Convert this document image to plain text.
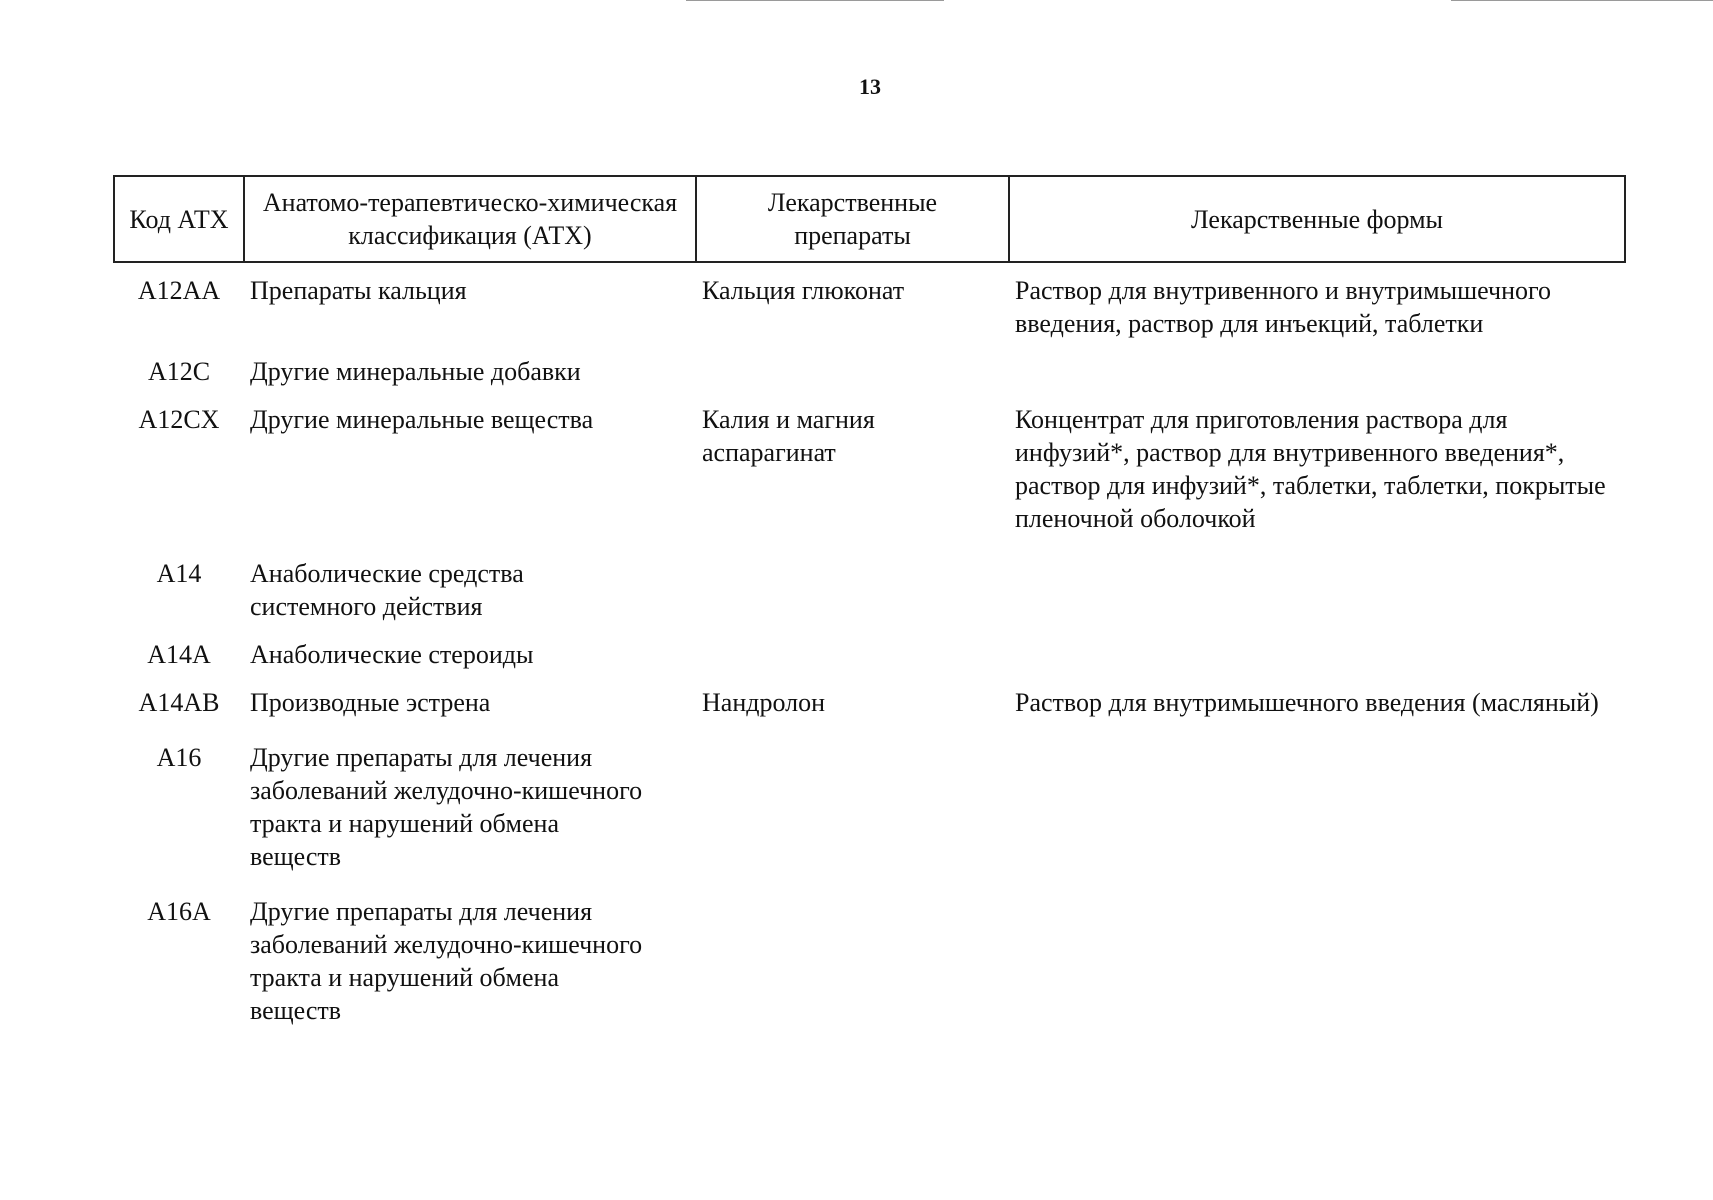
13
Код АТХ	Анатомо-терапевтическо-химическая классификация (АТХ)	Лекарственные препараты	Лекарственные формы
A12AA	Препараты кальция	Кальция глюконат	Раствор для внутривенного и внутримышечного введения, раствор для инъекций, таблетки
A12C	Другие минеральные добавки		
A12CX	Другие минеральные вещества	Калия и магния аспарагинат	Концентрат для приготовления раствора для инфузий*, раствор для внутривенного введения*, раствор для инфузий*, таблетки, таблетки, покрытые пленочной оболочкой
A14	Анаболические средства системного действия		
A14A	Анаболические стероиды		
A14AB	Производные эстрена	Нандролон	Раствор для внутримышечного введения (масляный)
A16	Другие препараты для лечения заболеваний желудочно-кишечного тракта и нарушений обмена веществ		
A16A	Другие препараты для лечения заболеваний желудочно-кишечного тракта и нарушений обмена веществ		
